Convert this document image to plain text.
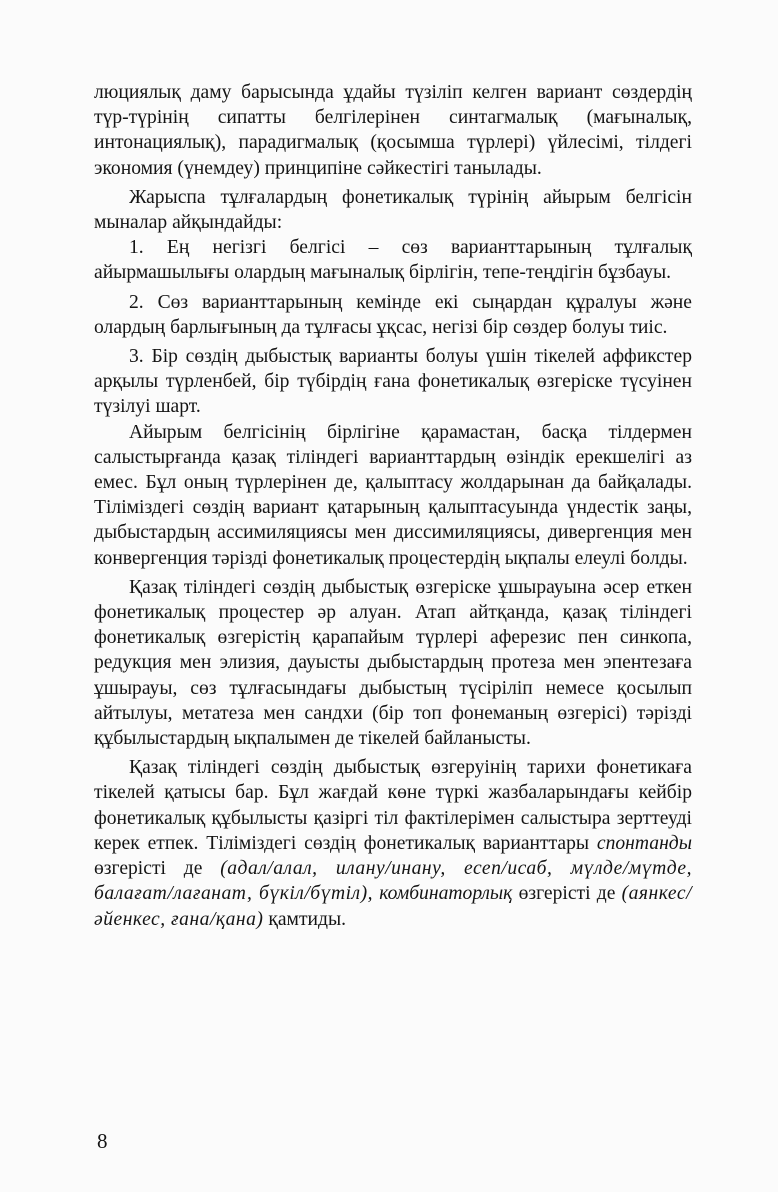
люциялық даму барысында ұдайы түзіліп келген вариант сөздердің түр-түрінің сипатты белгілерінен синтагмалық (мағыналық, интонациялық), парадигмалық (қосымша түрлері) үйлесімі, тілдегі экономия (үнемдеу) принципіне сәйкестігі танылады.

Жарыспа тұлғалардың фонетикалық түрінің айырым белгісін мыналар айқындайды:

1. Ең негізгі белгісі – сөз варианттарының тұлғалық айырмашылығы олардың мағыналық бірлігін, тепе-теңдігін бұзбауы.

2. Сөз варианттарының кемінде екі сыңардан құралуы және олардың барлығының да тұлғасы ұқсас, негізі бір сөздер болуы тиіс.

3. Бір сөздің дыбыстық варианты болуы үшін тікелей аффикстер арқылы түрленбей, бір түбірдің ғана фонетикалық өзгеріске түсуінен түзілуі шарт.

Айырым белгісінің бірлігіне қарамастан, басқа тілдермен салыстырғанда қазақ тіліндегі варианттардың өзіндік ерекшелігі аз емес. Бұл оның түрлерінен де, қалыптасу жолдарынан да байқалады. Тіліміздегі сөздің вариант қатарының қалыптасуында үндестік заңы, дыбыстардың ассимиляциясы мен диссимиляциясы, дивергенция мен конвергенция тәрізді фонетикалық процестердің ықпалы елеулі болды.

Қазақ тіліндегі сөздің дыбыстық өзгеріске ұшырауына әсер еткен фонетикалық процестер әр алуан. Атап айтқанда, қазақ тіліндегі фонетикалық өзгерістің қарапайым түрлері аферезис пен синкопа, редукция мен элизия, дауысты дыбыстардың протеза мен эпентезаға ұшырауы, сөз тұлғасындағы дыбыстың түсіріліп немесе қосылып айтылуы, метатеза мен сандхи (бір топ фонеманың өзгерісі) тәрізді құбылыстардың ықпалымен де тікелей байланысты.

Қазақ тіліндегі сөздің дыбыстық өзгеруінің тарихи фонетикаға тікелей қатысы бар. Бұл жағдай көне түркі жазбаларындағы кейбір фонетикалық құбылысты қазіргі тіл фактілерімен салыстыра зерттеуді керек етпек. Тіліміздегі сөздің фонетикалық варианттары спонтанды өзгерісті де (адал/алал, илану/инану, есеп/исаб, мүлде/мүтде, балағат/лағанат, бүкіл/бүтіл), комбинаторлық өзгерісті де (аянкес/әйенкес, ғана/қана) қамтиды.

8
